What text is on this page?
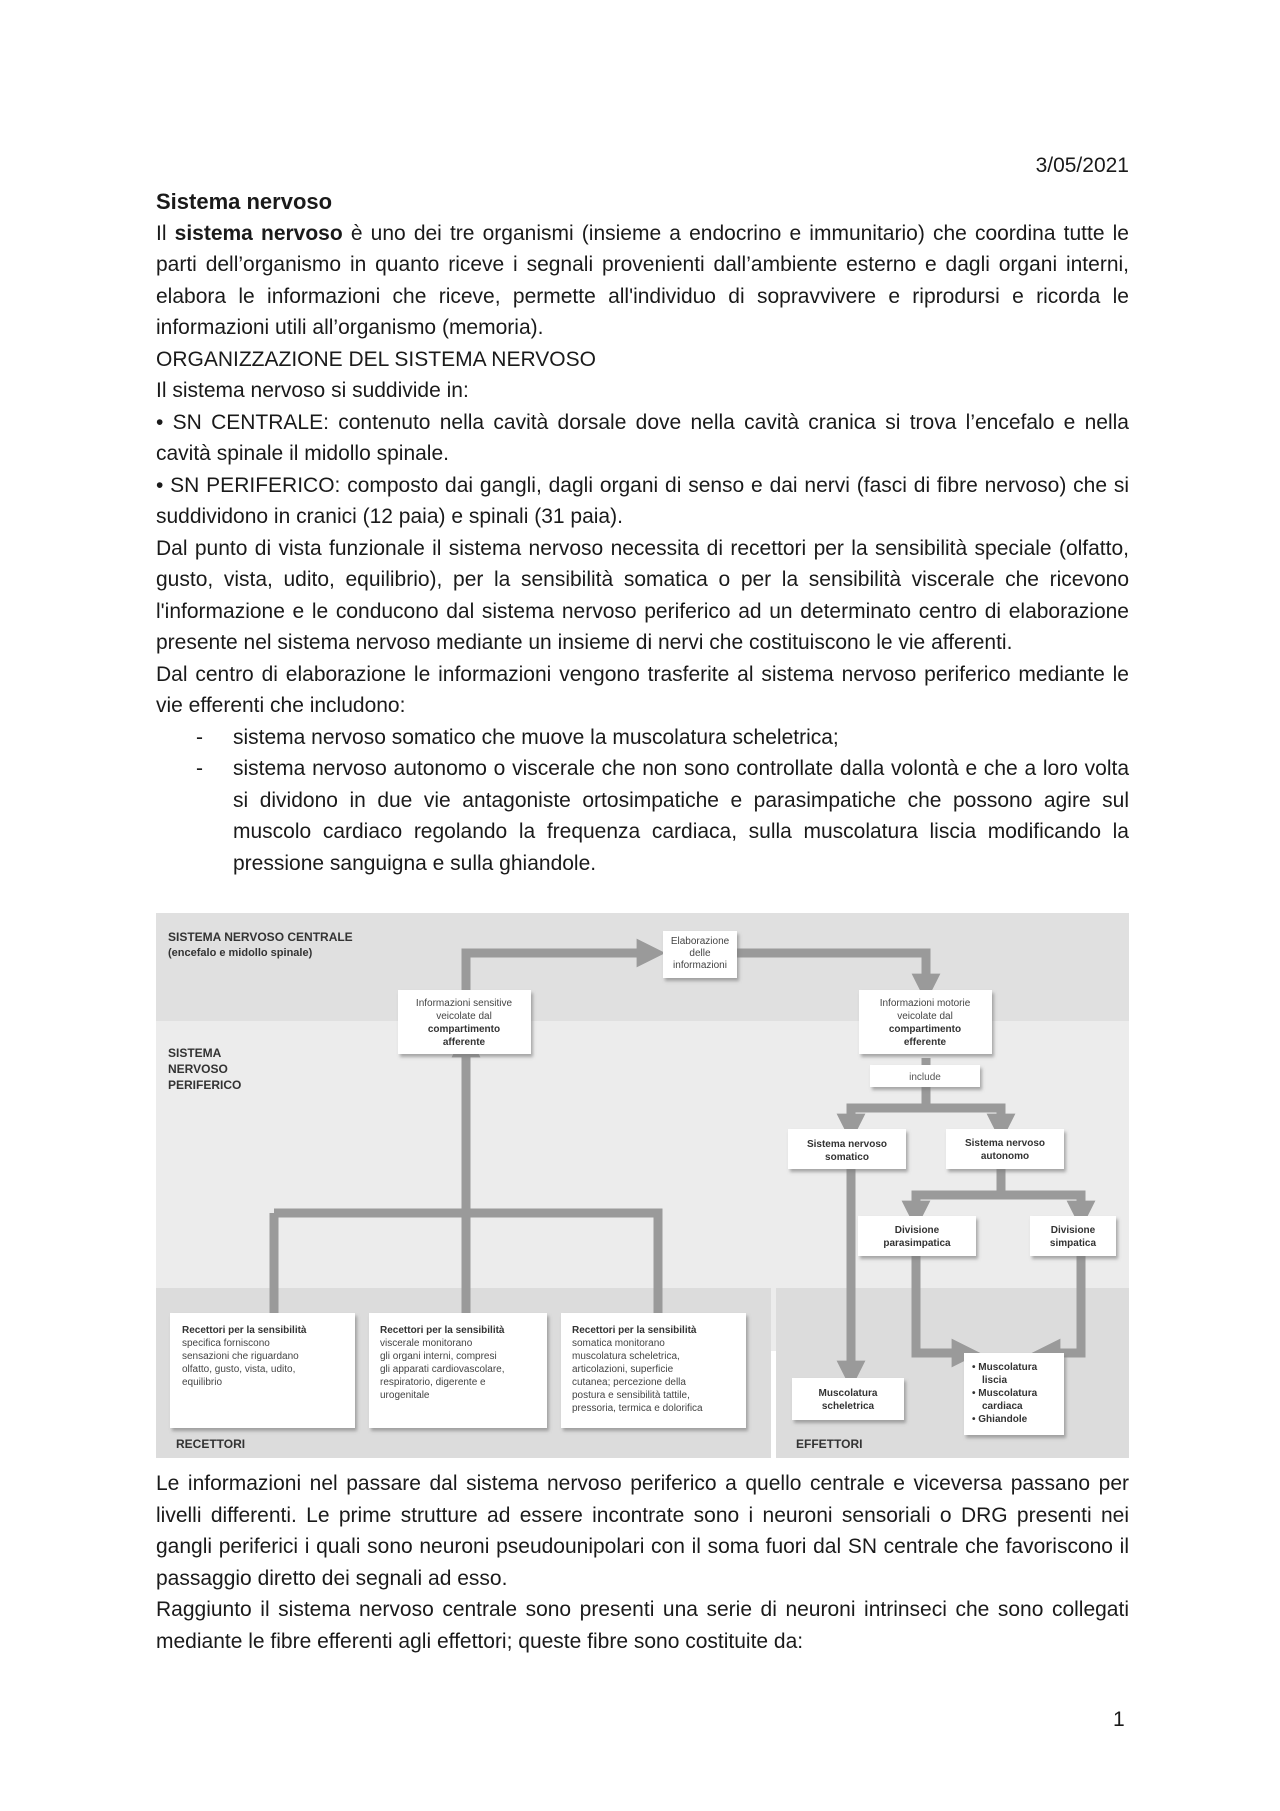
3/05/2021

Sistema nervoso

Il sistema nervoso è uno dei tre organismi (insieme a endocrino e immunitario) che coordina tutte le parti dell’organismo in quanto riceve i segnali provenienti dall’ambiente esterno e dagli organi interni, elabora le informazioni che riceve, permette all'individuo di sopravvivere e riprodursi e ricorda le informazioni utili all’organismo (memoria).

ORGANIZZAZIONE DEL SISTEMA NERVOSO

Il sistema nervoso si suddivide in:

• SN CENTRALE: contenuto nella cavità dorsale dove nella cavità cranica si trova l’encefalo e nella cavità spinale il midollo spinale.

• SN PERIFERICO: composto dai gangli, dagli organi di senso e dai nervi (fasci di fibre nervoso) che si suddividono in cranici (12 paia) e spinali (31 paia).

Dal punto di vista funzionale il sistema nervoso necessita di recettori per la sensibilità speciale (olfatto, gusto, vista, udito, equilibrio), per la sensibilità somatica o per la sensibilità viscerale che ricevono l'informazione e le conducono dal sistema nervoso periferico ad un determinato centro di elaborazione presente nel sistema nervoso mediante un insieme di nervi che costituiscono le vie afferenti.

Dal centro di elaborazione le informazioni vengono trasferite al sistema nervoso periferico mediante le vie efferenti che includono:

- sistema nervoso somatico che muove la muscolatura scheletrica;
- sistema nervoso autonomo o viscerale che non sono controllate dalla volontà e che a loro volta si dividono in due vie antagoniste ortosimpatiche e parasimpatiche che possono agire sul muscolo cardiaco regolando la frequenza cardiaca, sulla muscolatura liscia modificando la pressione sanguigna e sulla ghiandole.
SISTEMA NERVOSO CENTRALE
(encefalo e midollo spinale)
SISTEMA
NERVOSO
PERIFERICO
RECETTORI	EFFETTORI
Elaborazione
delle
informazioni
Informazioni sensitive
veicolate dal
compartimento
afferente
Informazioni motorie
veicolate dal
compartimento
efferente
include
Sistema nervoso
somatico
Sistema nervoso
autonomo
Divisione
parasimpatica
Divisione
simpatica
Recettori per la sensibilità
specifica forniscono
sensazioni che riguardano
olfatto, gusto, vista, udito,
equilibrio
Recettori per la sensibilità
viscerale monitorano
gli organi interni, compresi
gli apparati cardiovascolare,
respiratorio, digerente e
urogenitale
Recettori per la sensibilità
somatica monitorano
muscolatura scheletrica,
articolazioni, superficie
cutanea; percezione della
postura e sensibilità tattile,
pressoria, termica e dolorifica
Muscolatura
scheletrica
• Muscolatura
liscia
• Muscolatura
cardiaca
• Ghiandole

Le informazioni nel passare dal sistema nervoso periferico a quello centrale e viceversa passano per livelli differenti. Le prime strutture ad essere incontrate sono i neuroni sensoriali o DRG presenti nei gangli periferici i quali sono neuroni pseudounipolari con il soma fuori dal SN centrale che favoriscono il passaggio diretto dei segnali ad esso.

Raggiunto il sistema nervoso centrale sono presenti una serie di neuroni intrinseci che sono collegati mediante le fibre efferenti agli effettori; queste fibre sono costituite da:

1
